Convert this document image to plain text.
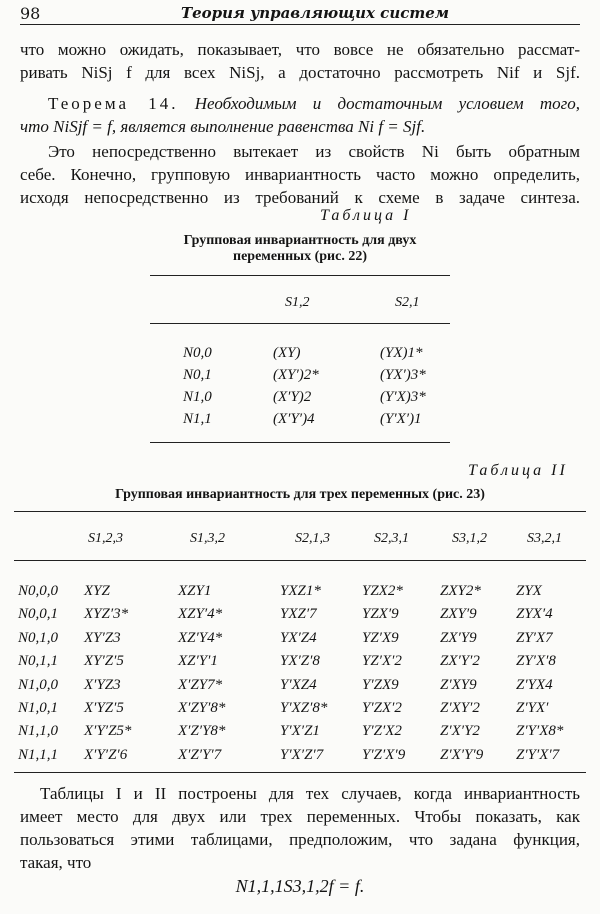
98	Теория управляющих систем
что можно ожидать, показывает, что вовсе не обязательно рассмат-
ривать NiSj f для всех NiSj, а достаточно рассмотреть Nif и Sjf.
Теорема 14. Необходимым и достаточным условием того,
что NiSjf = f, является выполнение равенства Ni f = Sjf.
Это непосредственно вытекает из свойств Ni быть обратным
себе. Конечно, групповую инвариантность часто можно определить,
исходя непосредственно из требований к схеме в задаче синтеза.
Таблица I
Групповая инвариантность для двух
переменных (рис. 22)
S1,2	S2,1
N0,0	(XY)	(YX)1*
N0,1	(XY′)2*	(YX′)3*
N1,0	(X′Y)2	(Y′X)3*
N1,1	(X′Y′)4	(Y′X′)1
Таблица II
Групповая инвариантность для трех переменных (рис. 23)
S1,2,3	S1,3,2	S2,1,3	S2,3,1	S3,1,2	S3,2,1
N0,0,0 XYZ	XZY1	YXZ1*	YZX2* ZXY2* ZYX
N0,0,1 XYZ′3*	XZY′4*	YXZ′7	YZX′9	ZXY′9	ZYX′4
N0,1,0 XY′Z3	XZ′Y4*	YX′Z4	YZ′X9	ZX′Y9	ZY′X7
N0,1,1 XY′Z′5	XZ′Y′1	YX′Z′8	YZ′X′2	ZX′Y′2 ZY′X′8
N1,0,0 X′YZ3	X′ZY7*	Y′XZ4	Y′ZX9	Z′XY9	Z′YX4
N1,0,1 X′YZ′5	X′ZY′8*	Y′XZ′8* Y′ZX′2	Z′XY′2 Z′YX′
N1,1,0 X′Y′Z5*	X′Z′Y8*	Y′X′Z1	Y′Z′X2	Z′X′Y2 Z′Y′X8*
N1,1,1 X′Y′Z′6	X′Z′Y′7	Y′X′Z′7	Y′Z′X′9 Z′X′Y′9 Z′Y′X′7
Таблицы I и II построены для тех случаев, когда инвариантность
имеет место для двух или трех переменных. Чтобы показать, как
пользоваться этими таблицами, предположим, что задана функция,
такая, что
N1,1,1S3,1,2f = f.
